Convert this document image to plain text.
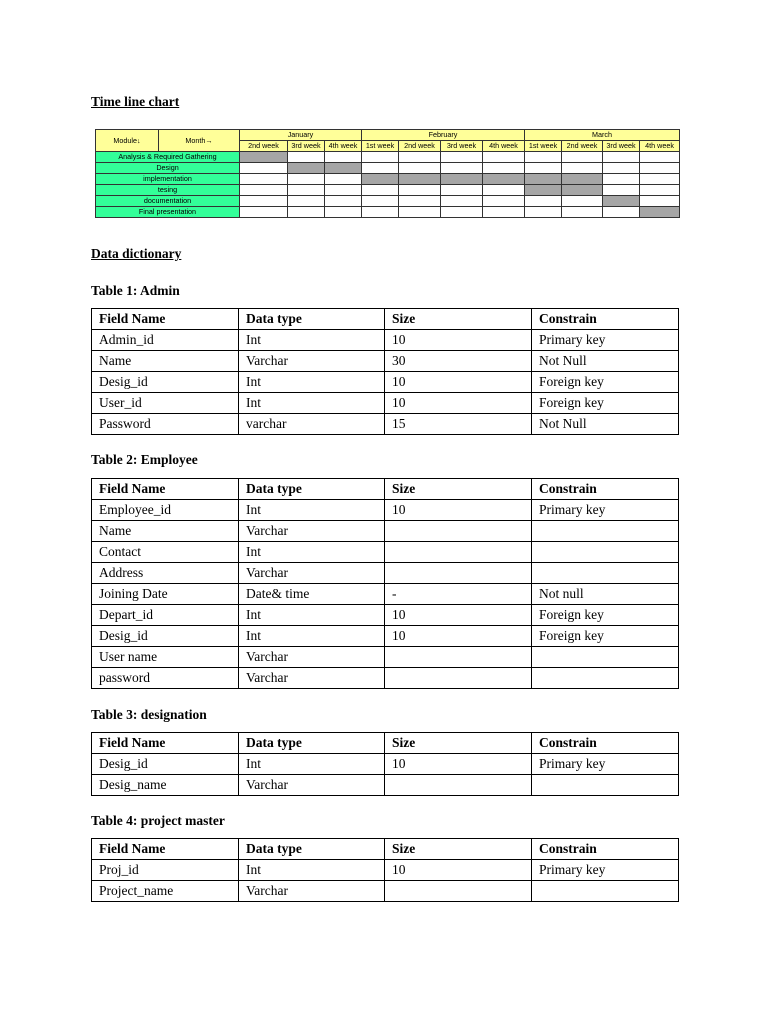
Time line chart
Module↓	Month→	January			February				March			
		2nd week	3rd week	4th week	1st week	2nd week	3rd week	4th week	1st week	2nd week	3rd week	4th week
Analysis & Required Gathering												
Design												
implementation												
tesing												
documentation												
Final presentation												
Data dictionary
Table 1: Admin
Field Name	Data type	Size	Constrain
Admin_id	Int	10	Primary key
Name	Varchar	30	Not Null
Desig_id	Int	10	Foreign key
User_id	Int	10	Foreign key
Password	varchar	15	Not Null
Table 2: Employee
Field Name	Data type	Size	Constrain
Employee_id	Int	10	Primary key
Name	Varchar		
Contact	Int		
Address	Varchar		
Joining Date	Date& time	-	Not null
Depart_id	Int	10	Foreign key
Desig_id	Int	10	Foreign key
User name	Varchar		
password	Varchar		
Table 3: designation
Field Name	Data type	Size	Constrain
Desig_id	Int	10	Primary key
Desig_name	Varchar		
Table 4: project master
Field Name	Data type	Size	Constrain
Proj_id	Int	10	Primary key
Project_name	Varchar		
